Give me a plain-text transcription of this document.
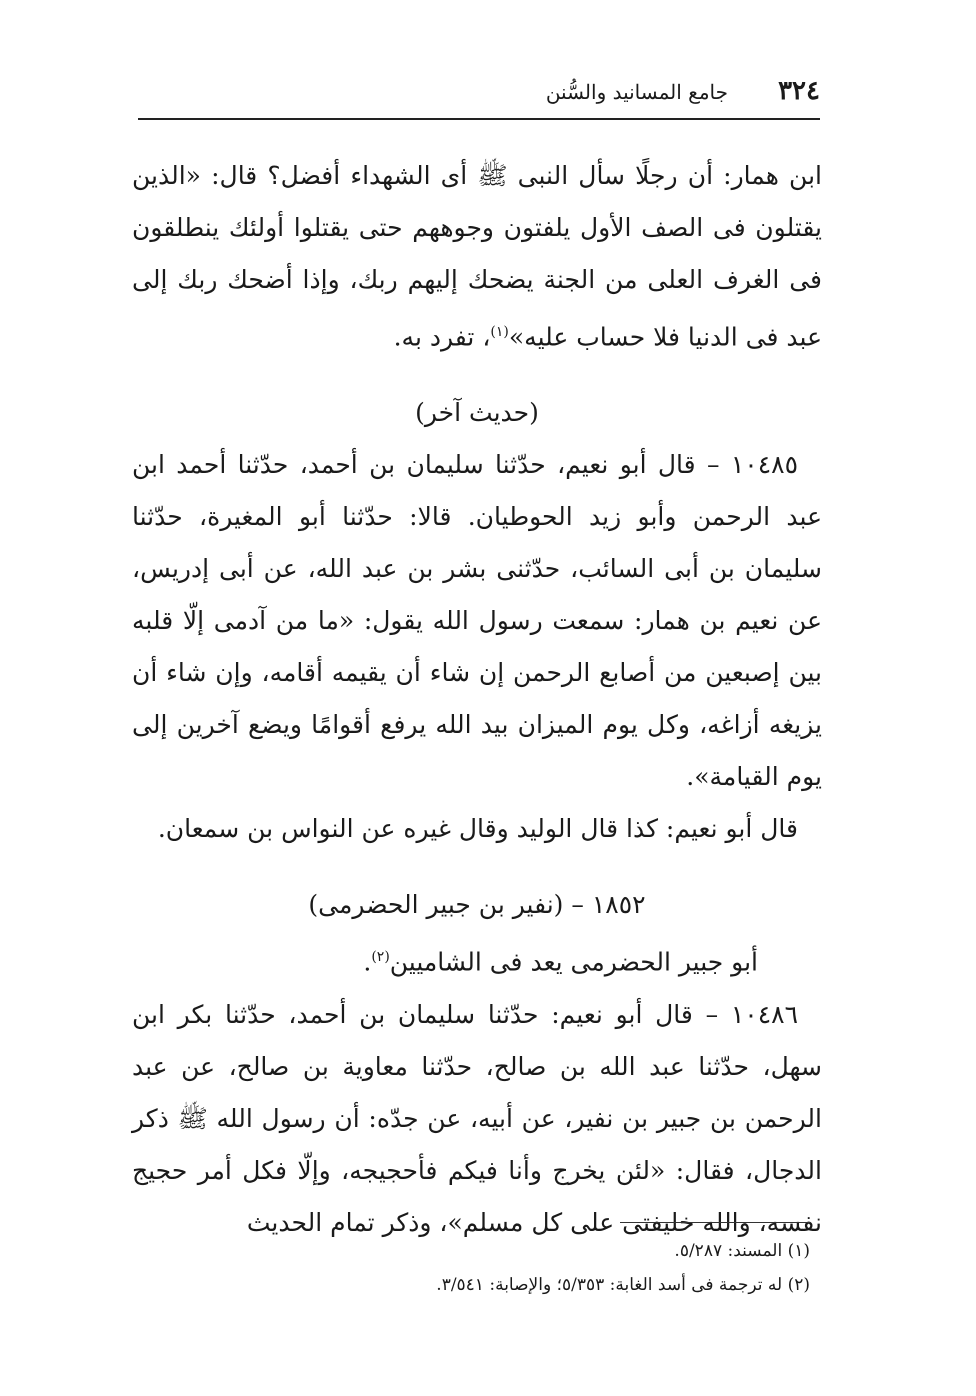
٣٢٤
جامع المسانيد والسُّنن

ابن همار: أن رجلًا سأل النبى ﷺ أى الشهداء أفضل؟ قال: «الذين يقتلون فى الصف الأول يلفتون وجوههم حتى يقتلوا أولئك ينطلقون فى الغرف العلى من الجنة يضحك إليهم ربك، وإذا أضحك ربك إلى عبد فى الدنيا فلا حساب عليه»$^{(١)}$، تفرد به.

(حديث آخر)

١٠٤٨٥ – قال أبو نعيم، حدّثنا سليمان بن أحمد، حدّثنا أحمد ابن عبد الرحمن وأبو زيد الحوطيان. قالا: حدّثنا أبو المغيرة، حدّثنا سليمان بن أبى السائب، حدّثنى بشر بن عبد الله، عن أبى إدريس، عن نعيم بن همار: سمعت رسول الله يقول: «ما من آدمى إلّا قلبه بين إصبعين من أصابع الرحمن إن شاء أن يقيمه أقامه، وإن شاء أن يزيغه أزاغه، وكل يوم الميزان بيد الله يرفع أقوامًا ويضع آخرين إلى يوم القيامة».

قال أبو نعيم: كذا قال الوليد وقال غيره عن النواس بن سمعان.

١٨٥٢ – (نفير بن جبير الحضرمى)

أبو جبير الحضرمى يعد فى الشاميين$^{(٢)}$.

١٠٤٨٦ – قال أبو نعيم: حدّثنا سليمان بن أحمد، حدّثنا بكر ابن سهل، حدّثنا عبد الله بن صالح، حدّثنا معاوية بن صالح، عن عبد الرحمن بن جبير بن نفير، عن أبيه، عن جدّه: أن رسول الله ﷺ ذكر الدجال، فقال: «لئن يخرج وأنا فيكم فأحجيجه، وإلّا فكل أمر حجيج نفسه، والله خليفتى على كل مسلم»، وذكر تمام الحديث

(١) المسند: ٥/٢٨٧.

(٢) له ترجمة فى أسد الغابة: ٥/٣٥٣؛ والإصابة: ٣/٥٤١.
